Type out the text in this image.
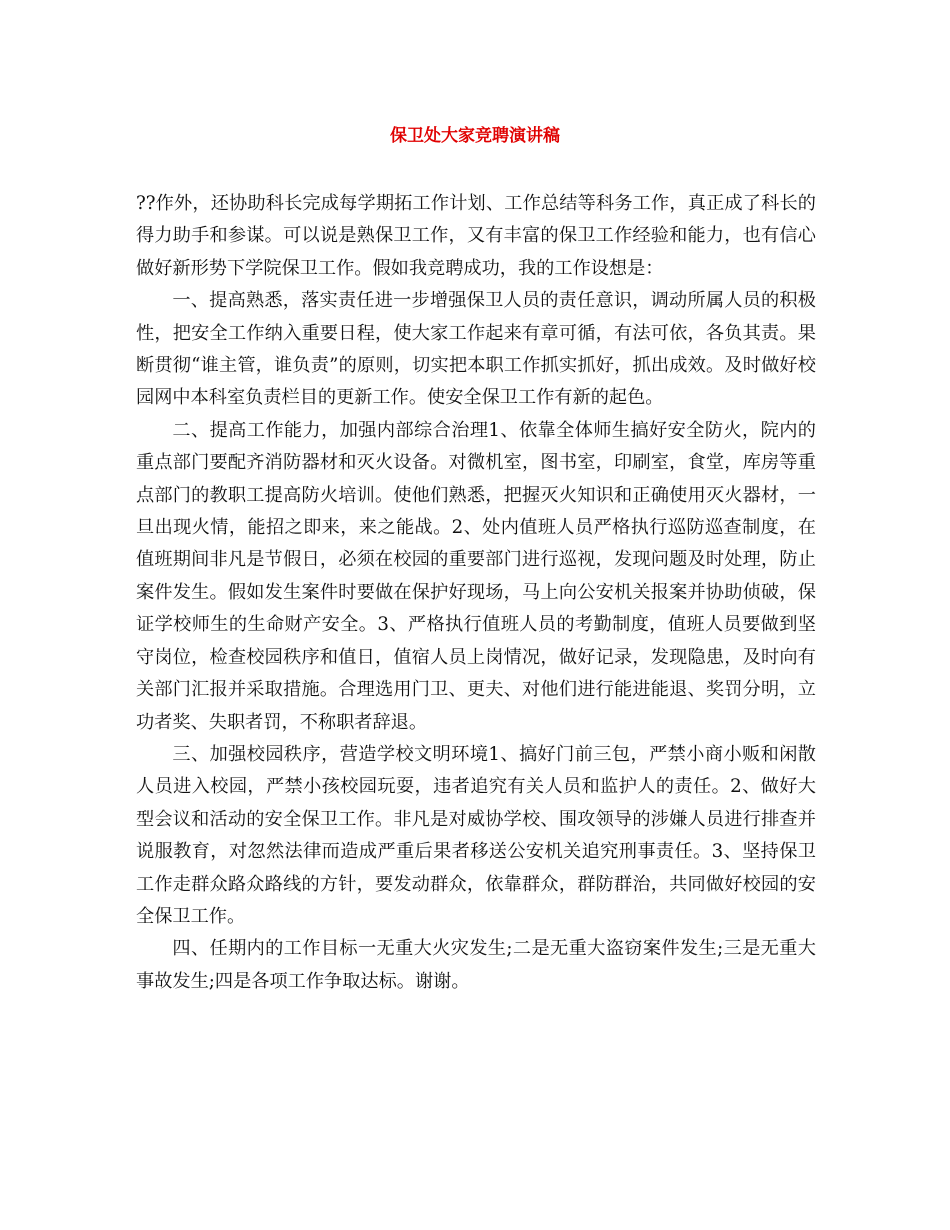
保卫处大家竞聘演讲稿

??作外，还协助科长完成每学期拓工作计划、工作总结等科务工作，真正成了科长的得力助手和参谋。可以说是熟保卫工作，又有丰富的保卫工作经验和能力，也有信心做好新形势下学院保卫工作。假如我竞聘成功，我的工作设想是：

一、提高熟悉，落实责任进一步增强保卫人员的责任意识，调动所属人员的积极性，把安全工作纳入重要日程，使大家工作起来有章可循，有法可依，各负其责。果断贯彻“谁主管，谁负责”的原则，切实把本职工作抓实抓好，抓出成效。及时做好校园网中本科室负责栏目的更新工作。使安全保卫工作有新的起色。

二、提高工作能力，加强内部综合治理1、依靠全体师生搞好安全防火，院内的重点部门要配齐消防器材和灭火设备。对微机室，图书室，印刷室，食堂，库房等重点部门的教职工提高防火培训。使他们熟悉，把握灭火知识和正确使用灭火器材，一旦出现火情，能招之即来，来之能战。2、处内值班人员严格执行巡防巡查制度，在值班期间非凡是节假日，必须在校园的重要部门进行巡视，发现问题及时处理，防止案件发生。假如发生案件时要做在保护好现场，马上向公安机关报案并协助侦破，保证学校师生的生命财产安全。3、严格执行值班人员的考勤制度，值班人员要做到坚守岗位，检查校园秩序和值日，值宿人员上岗情况，做好记录，发现隐患，及时向有关部门汇报并采取措施。合理选用门卫、更夫、对他们进行能进能退、奖罚分明，立功者奖、失职者罚，不称职者辞退。

三、加强校园秩序，营造学校文明环境1、搞好门前三包，严禁小商小贩和闲散人员进入校园，严禁小孩校园玩耍，违者追究有关人员和监护人的责任。2、做好大型会议和活动的安全保卫工作。非凡是对威协学校、围攻领导的涉嫌人员进行排查并说服教育，对忽然法律而造成严重后果者移送公安机关追究刑事责任。3、坚持保卫工作走群众路众路线的方针，要发动群众，依靠群众，群防群治，共同做好校园的安全保卫工作。

四、任期内的工作目标一无重大火灾发生;二是无重大盗窃案件发生;三是无重大事故发生;四是各项工作争取达标。谢谢。
